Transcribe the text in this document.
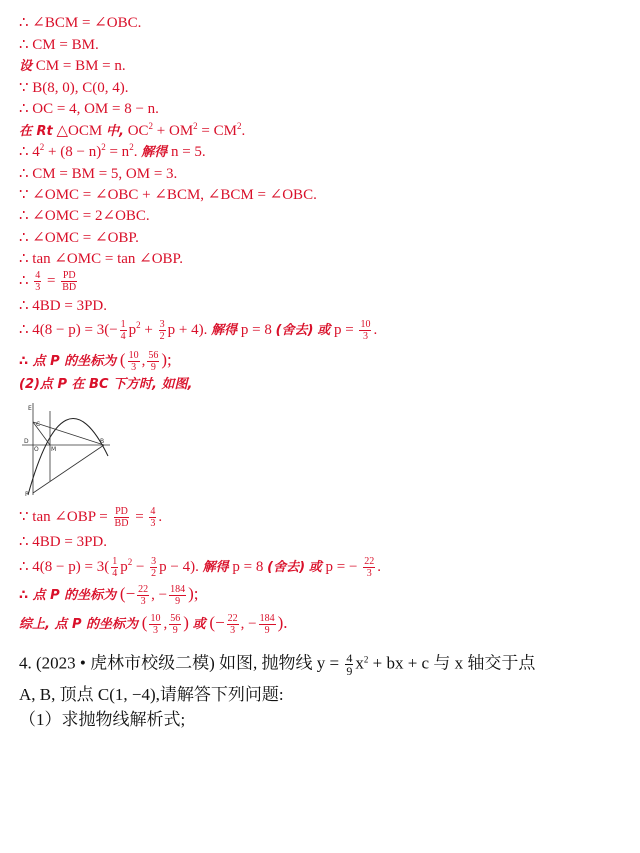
∴ ∠BCM = ∠OBC.
∴ CM = BM.
设 CM = BM = n.
∵ B(8, 0), C(0, 4).
∴ OC = 4, OM = 8 − n.
在 Rt △OCM 中, $OC^2 + OM^2 = CM^2$.
∴ $4^2 + (8 - n)^2 = n^2$. 解得 n = 5.
∴ CM = BM = 5, OM = 3.
∵ ∠OMC = ∠OBC + ∠BCM, ∠BCM = ∠OBC.
∴ ∠OMC = 2∠OBC.
∴ ∠OMC = ∠OBP.
∴ tan ∠OMC = tan ∠OBP.
∴ $\frac{4}{3} = \frac{PD}{BD}$
∴ 4BD = 3PD.
∴ $4(8 - p) = 3(- \frac{1}{4} p^2 + \frac{3}{2}$ p + 4). 解得 p = 8 (舍去) 或 $p = \frac{10}{3}$ .
∴ 点 P 的坐标为 ( $\frac{10}{3}$ , $\frac{56}{9}$ );
(2)点 P 在 BC 下方时, 如图,
E
C
D
O M
B
P
∵ tan ∠OBP = $\frac{PD}{BD} = \frac{4}{3}$ .
∴ 4BD = 3PD.
∴ $4(8 - p) = 3( \frac{1}{4} p^2 - \frac{3}{2}$ p − 4). 解得 p = 8 (舍去) 或 p = − $\frac{22}{3}$ .
∴ 点 P 的坐标为 (− $\frac{22}{3}$ , − $\frac{184}{9}$ );
综上, 点 P 的坐标为 ( $\frac{10}{3}$ , $\frac{56}{9}$ ) 或 (− $\frac{22}{3}$ , − $\frac{184}{9}$ ).
4. (2023 • 虎林市校级二模) 如图, 抛物线 $y = \frac{4}{9} x^2$ + bx + c 与 x 轴交于点
A, B, 顶点 C(1, −4),请解答下列问题:
（1）求抛物线解析式;
